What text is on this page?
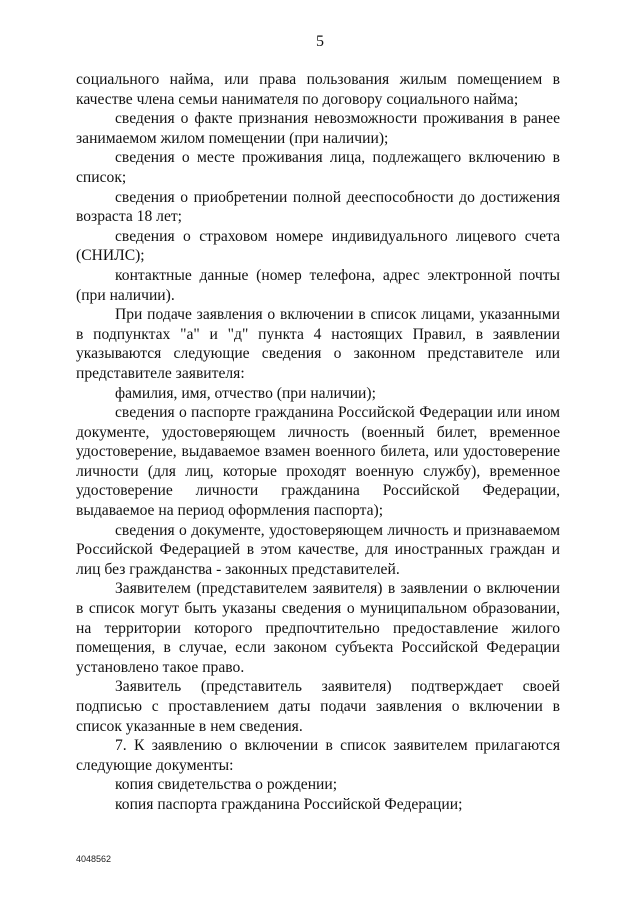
5

социального найма, или права пользования жилым помещением в качестве члена семьи нанимателя по договору социального найма;

сведения о факте признания невозможности проживания в ранее занимаемом жилом помещении (при наличии);

сведения о месте проживания лица, подлежащего включению в список;

сведения о приобретении полной дееспособности до достижения возраста 18 лет;

сведения о страховом номере индивидуального лицевого счета (СНИЛС);

контактные данные (номер телефона, адрес электронной почты (при наличии).

При подаче заявления о включении в список лицами, указанными в подпунктах "а" и "д" пункта 4 настоящих Правил, в заявлении указываются следующие сведения о законном представителе или представителе заявителя:

фамилия, имя, отчество (при наличии);

сведения о паспорте гражданина Российской Федерации или ином документе, удостоверяющем личность (военный билет, временное удостоверение, выдаваемое взамен военного билета, или удостоверение личности (для лиц, которые проходят военную службу), временное удостоверение личности гражданина Российской Федерации, выдаваемое на период оформления паспорта);

сведения о документе, удостоверяющем личность и признаваемом Российской Федерацией в этом качестве, для иностранных граждан и лиц без гражданства - законных представителей.

Заявителем (представителем заявителя) в заявлении о включении в список могут быть указаны сведения о муниципальном образовании, на территории которого предпочтительно предоставление жилого помещения, в случае, если законом субъекта Российской Федерации установлено такое право.

Заявитель (представитель заявителя) подтверждает своей подписью с проставлением даты подачи заявления о включении в список указанные в нем сведения.

7. К заявлению о включении в список заявителем прилагаются следующие документы:

копия свидетельства о рождении;

копия паспорта гражданина Российской Федерации;

4048562
